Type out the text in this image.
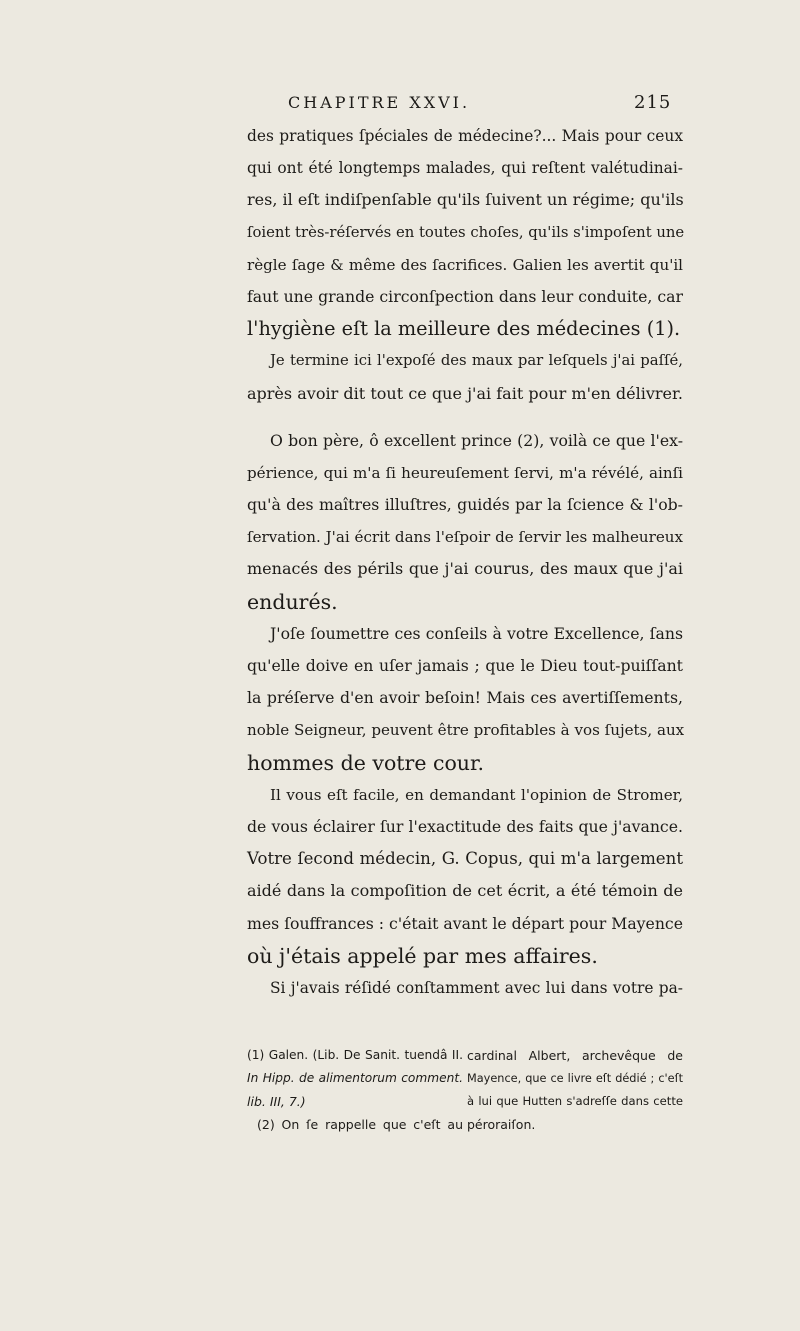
CHAPITRE XXVI.	215
des pratiques ſpéciales de médecine?... Mais pour ceux
qui ont été longtemps malades, qui reſtent valétudinai-
res, il eſt indiſpenſable qu'ils ſuivent un régime; qu'ils
ſoient très-réſervés en toutes choſes, qu'ils s'impoſent une
règle ſage & même des ſacrifices. Galien les avertit qu'il
faut une grande circonſpection dans leur conduite, car
l'hygiène eſt la meilleure des médecines (1).
Je termine ici l'expoſé des maux par leſquels j'ai paſſé,
après avoir dit tout ce que j'ai fait pour m'en délivrer.
O bon père, ô excellent prince (2), voilà ce que l'ex-
périence, qui m'a ſi heureuſement ſervi, m'a révélé, ainſi
qu'à des maîtres illuſtres, guidés par la ſcience & l'ob-
ſervation. J'ai écrit dans l'eſpoir de ſervir les malheureux
menacés des périls que j'ai courus, des maux que j'ai
endurés.
J'oſe ſoumettre ces conſeils à votre Excellence, ſans
qu'elle doive en uſer jamais ; que le Dieu tout-puiſſant
la préſerve d'en avoir beſoin! Mais ces avertiſſements,
noble Seigneur, peuvent être profitables à vos ſujets, aux
hommes de votre cour.
Il vous eſt facile, en demandant l'opinion de Stromer,
de vous éclairer ſur l'exactitude des faits que j'avance.
Votre ſecond médecin, G. Copus, qui m'a largement
aidé dans la compoſition de cet écrit, a été témoin de
mes ſouffrances : c'était avant le départ pour Mayence
où j'étais appelé par mes affaires.
Si j'avais réſidé conſtamment avec lui dans votre pa-
(1) Galen. (Lib. De Sanit. tuendâ II.
In Hipp. de alimentorum comment.
lib. III, 7.)
(2) On ſe rappelle que c'eſt au
cardinal Albert, archevêque de
Mayence, que ce livre eſt dédié ; c'eſt
à lui que Hutten s'adreſſe dans cette
péroraiſon.
